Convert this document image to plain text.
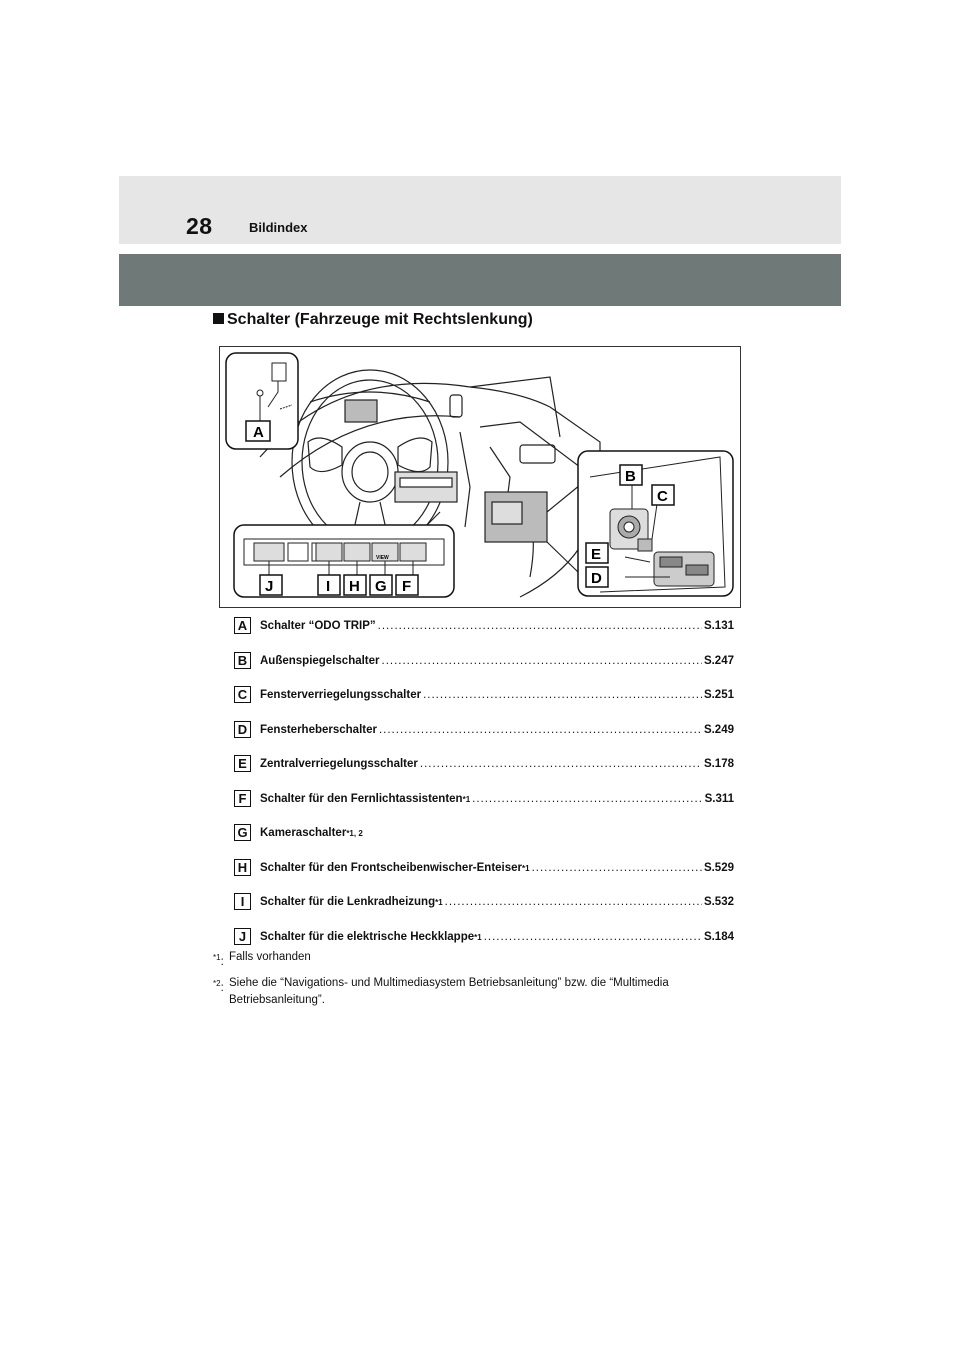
28	Bildindex
Schalter (Fahrzeuge mit Rechtslenkung)
A
B
C
E
D
VIEW
J	I H G F
A	Schalter “ODO TRIP” .....	S.131
B	Außenspiegelschalter .....	S.247
C	Fensterverriegelungsschalter .....	S.251
D	Fensterheberschalter .....	S.249
E	Zentralverriegelungsschalter .....	S.178
F	Schalter für den Fernlichtassistenten *1 .....	S.311
G Kameraschalter *1, 2
H	Schalter für den Frontscheibenwischer-Enteiser *1 .....	S.529
I	Schalter für die Lenkradheizung *1 .....	S.532
J	Schalter für die elektrische Heckklappe *1 .....	S.184
$^{*1}$: Falls vorhanden
$^{*2}$: Siehe die “Navigations- und Multimediasystem Betriebsanleitung” bzw. die “Multimedia Betriebsanleitung”.
